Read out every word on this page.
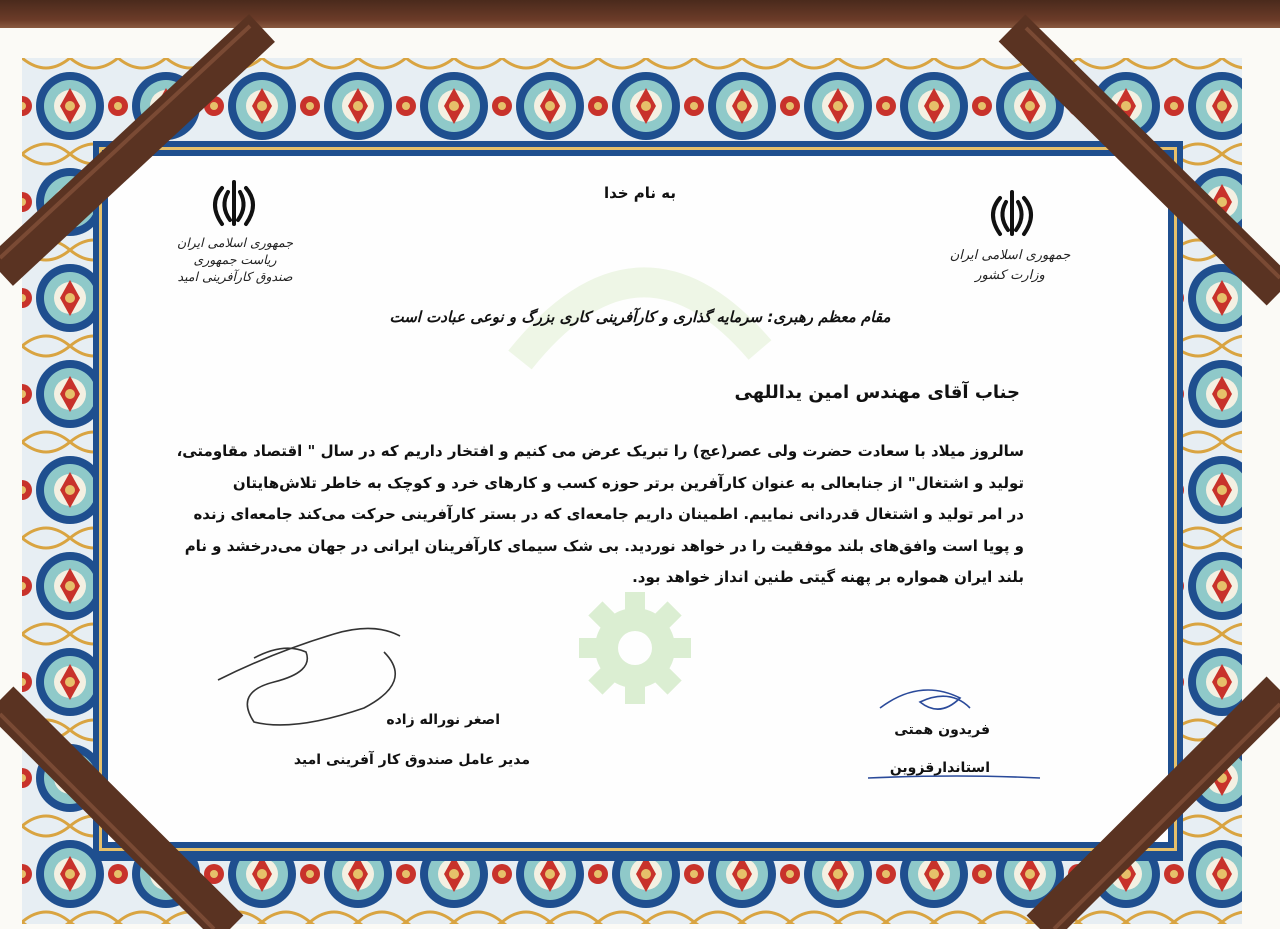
به نام خدا
جمهوری اسلامی ایران
ریاست جمهوری
صندوق کارآفرینی امید
جمهوری اسلامی ایران
وزارت کشور
مقام معظم رهبری: سرمایه گذاری و کارآفرینی کاری بزرگ و نوعی عبادت است
جناب آقای مهندس امین یداللهی
سالروز میلاد با سعادت حضرت ولی عصر(عج) را تبریک عرض می کنیم و افتخار داریم که در سال " اقتصاد مقاومتی،
تولید و اشتغال" از جنابعالی به عنوان کارآفرین برتر حوزه کسب و کارهای خرد و کوچک به خاطر تلاش‌هایتان
در امر تولید و اشتغال قدردانی نماییم. اطمینان داریم جامعه‌ای که در بستر کارآفرینی حرکت می‌کند جامعه‌ای زنده
و پویا است وافق‌های بلند موفقیت را در خواهد نوردید. بی شک سیمای کارآفرینان ایرانی در جهان می‌درخشد و نام
بلند ایران همواره بر پهنه گیتی طنین انداز خواهد بود.
اصغر نوراله زاده
مدیر عامل صندوق کار آفرینی امید
فریدون همتی
استاندارقزوین
